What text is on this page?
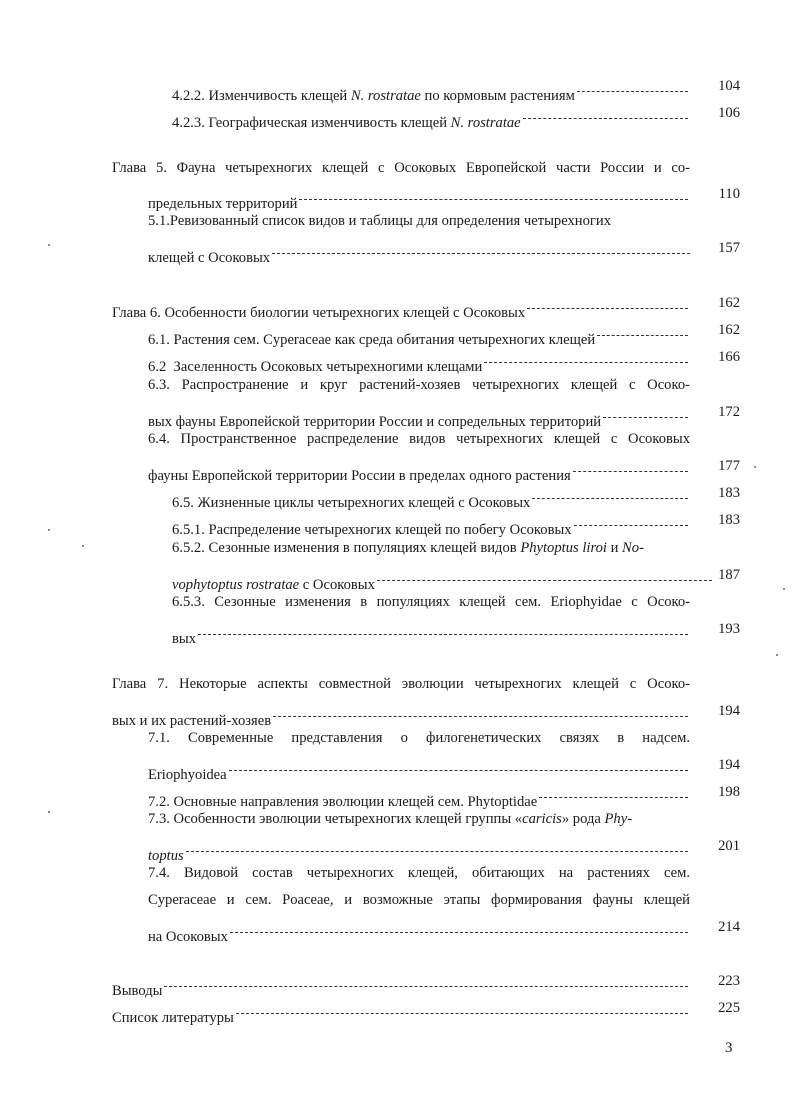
4.2.2. Изменчивость клещей N. rostratae по кормовым растениям
104
4.2.3. Географическая изменчивость клещей N. rostratae
106
Глава 5. Фауна четырехногих клещей с Осоковых Европейской части России и со-
предельных территорий
110
5.1.Ревизованный список видов и таблицы для определения четырехногих
клещей с Осоковых
157
Глава 6. Особенности биологии четырехногих клещей с Осоковых
162
6.1. Растения сем. Cyperaceae как среда обитания четырехногих клещей
162
6.2  Заселенность Осоковых четырехногими клещами
166
6.3. Распространение и круг растений-хозяев четырехногих клещей с Осоко-
вых фауны Европейской территории России и сопредельных территорий
172
6.4. Пространственное распределение видов четырехногих клещей с Осоковых
фауны Европейской территории России в пределах одного растения
177
6.5. Жизненные циклы четырехногих клещей с Осоковых
183
6.5.1. Распределение четырехногих клещей по побегу Осоковых
183
6.5.2. Сезонные изменения в популяциях клещей видов Phytoptus liroi и No-
vophytoptus rostratae с Осоковых
187
6.5.3. Сезонные изменения в популяциях клещей сем. Eriophyidae с Осоко-
вых
193
Глава 7. Некоторые аспекты совместной эволюции четырехногих клещей с Осоко-
вых и их растений-хозяев
194
7.1. Современные представления о филогенетических связях в надсем.
Eriophyoidea
194
7.2. Основные направления эволюции клещей сем. Phytoptidae
198
7.3. Особенности эволюции четырехногих клещей группы «caricis» рода Phy-
toptus
201
7.4. Видовой состав четырехногих клещей, обитающих на растениях сем.
Cyperaceae и сем. Poaceae, и возможные этапы формирования фауны клещей
на Осоковых
214
Выводы
223
Список литературы
225
3
